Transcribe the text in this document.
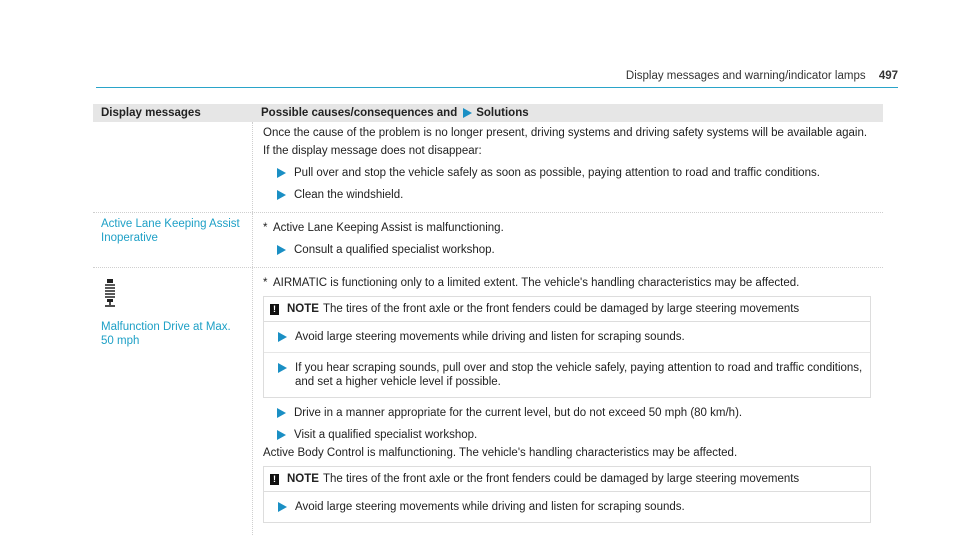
Display messages and warning/indicator lamps 497
Display messages	Possible causes/consequences and Solutions

Once the cause of the problem is no longer present, driving systems and driving safety systems will be available again.

If the display message does not disappear:

Pull over and stop the vehicle safely as soon as possible, paying attention to road and traffic conditions.
Clean the windshield.
Active Lane Keeping Assist Inoperative
* Active Lane Keeping Assist is malfunctioning.
Consult a qualified specialist workshop.
Malfunction Drive at Max. 50 mph
* AIRMATIC is functioning only to a limited extent. The vehicle's handling characteristics may be affected.
! NOTE The tires of the front axle or the front fenders could be damaged by large steering movements
Avoid large steering movements while driving and listen for scraping sounds.
If you hear scraping sounds, pull over and stop the vehicle safely, paying attention to road and traffic conditions, and set a higher vehicle level if possible.
Drive in a manner appropriate for the current level, but do not exceed 50 mph (80 km/h).
Visit a qualified specialist workshop.

Active Body Control is malfunctioning. The vehicle's handling characteristics may be affected.

! NOTE The tires of the front axle or the front fenders could be damaged by large steering movements
Avoid large steering movements while driving and listen for scraping sounds.
